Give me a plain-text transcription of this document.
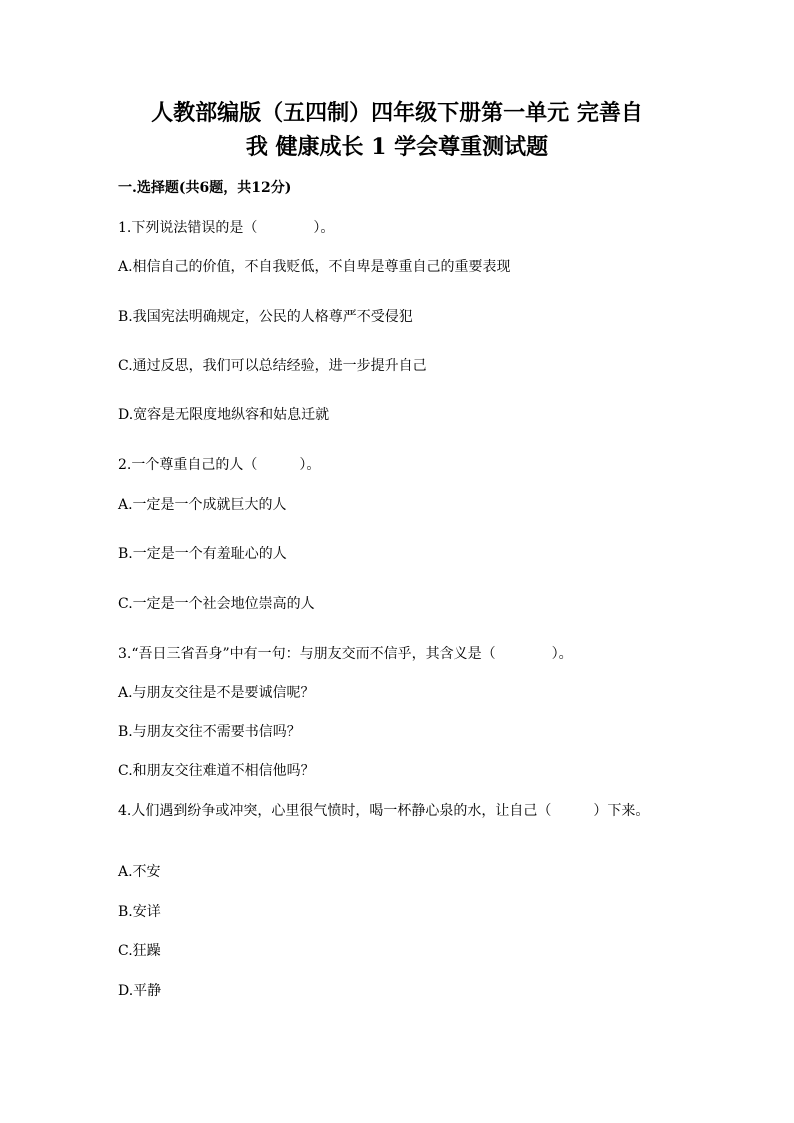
人教部编版（五四制）四年级下册第一单元 完善自
我 健康成长 1 学会尊重测试题
一.选择题(共6题，共12分)
1.下列说法错误的是（　　　　）。
A.相信自己的价值，不自我贬低，不自卑是尊重自己的重要表现
B.我国宪法明确规定，公民的人格尊严不受侵犯
C.通过反思，我们可以总结经验，进一步提升自己
D.宽容是无限度地纵容和姑息迁就
2.一个尊重自己的人（　　　）。
A.一定是一个成就巨大的人
B.一定是一个有羞耻心的人
C.一定是一个社会地位崇高的人
3.“吾日三省吾身”中有一句：与朋友交而不信乎，其含义是（　　　　）。
A.与朋友交往是不是要诚信呢？
B.与朋友交往不需要书信吗？
C.和朋友交往难道不相信他吗？
4.人们遇到纷争或冲突，心里很气愤时，喝一杯静心泉的水，让自己（　　　）下来。
A.不安
B.安详
C.狂躁
D.平静
